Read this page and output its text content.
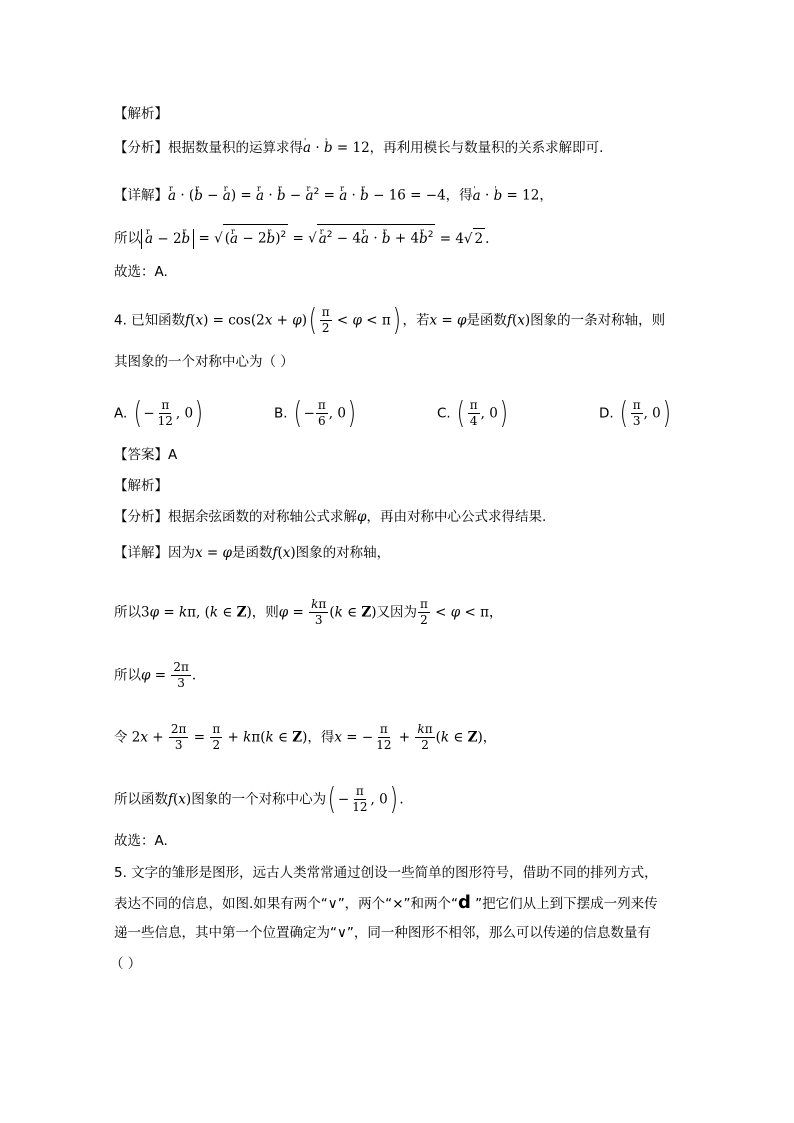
【解析】
【分析】根据数量积的运算求得' a · ' b = 12，再利用模长与数量积的关系求解即可.
【详解】r a · (r b − r a) = r a · r b − r $a^2 = r$ a · r b − 16 = −4，得' a · ' b = 12，
所以 r a − 2r b = √ (r a − 2r b)$^2$ = √ r $a^2 - 4r$ a · r b + 4r $b^2 = 4√$ 2 .
故选：A.
4. 已知函数$f(x) = \cos(2x + \varphi)( \frac{\pi}{2} < \varphi < \pi)$ ，若x = φ是函数f(x)图象的一条对称轴，则
其图象的一个对称中心为（ ）
A. ( − $\frac{\pi}{12}$ , 0)	B. ( − $\frac{\pi}{6}$ , 0)	C. ( $\frac{\pi}{4}$ , 0)	D. ( $\frac{\pi}{3}$ , 0)
【答案】A
【解析】
【分析】根据余弦函数的对称轴公式求解φ，再由对称中心公式求得结果.
【详解】因为x = φ是函数f(x)图象的对称轴，
所以3φ = kπ, (k ∈ Z)，则$\varphi = \frac{k\pi}{3} (k$ ∈ Z)又因为 $\frac{\pi}{2} < \varphi < \pi$，
所以$\varphi = \frac{2\pi}{3}$ .
令 $2x + \frac{2\pi}{3} = \frac{\pi}{2} + k\pi(k$ ∈ Z)，得x = − $\frac{\pi}{12} + \frac{k\pi}{2} (k$ ∈ Z)，
所以函数f(x)图象的一个对称中心为( − $\frac{\pi}{12}$ , 0) .
故选：A.
5. 文字的雏形是图形，远古人类常常通过创设一些简单的图形符号，借助不同的排列方式，
表达不同的信息，如图.如果有两个“∨”，两个“×”和两个“d ”把它们从上到下摆成一列来传
递一些信息，其中第一个位置确定为“∨”，同一种图形不相邻，那么可以传递的信息数量有
（ ）
